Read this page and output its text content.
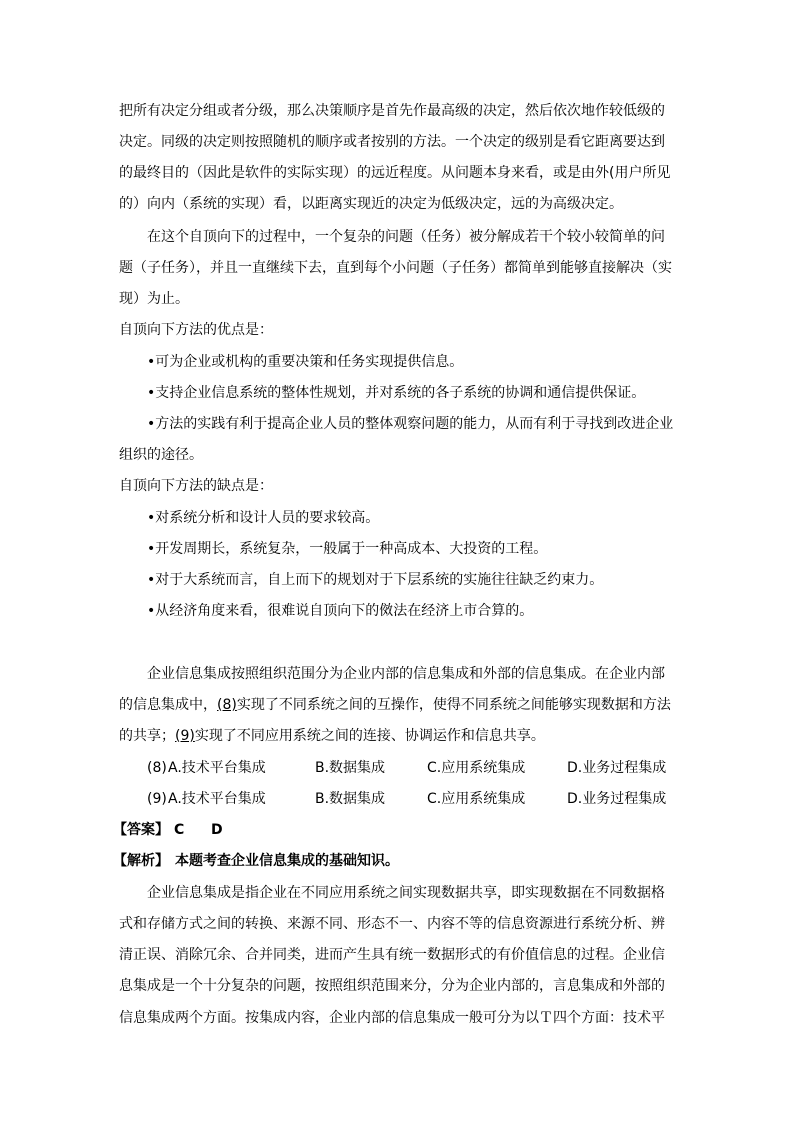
把所有决定分组或者分级，那么决策顺序是首先作最高级的决定，然后依次地作较低级的
决定。同级的决定则按照随机的顺序或者按别的方法。一个决定的级别是看它距离要达到
的最终目的（因此是软件的实际实现）的远近程度。从问题本身来看，或是由外(用户所见
的）向内（系统的实现）看，以距离实现近的决定为低级决定，远的为高级决定。
在这个自顶向下的过程中，一个复杂的问题（任务）被分解成若干个较小较简单的问
题（子任务），并且一直继续下去，直到每个小问题（子任务）都简单到能够直接解决（实
现）为止。
自顶向下方法的优点是：
•可为企业或机构的重要决策和任务实现提供信息。
•支持企业信息系统的整体性规划，并对系统的各子系统的协调和通信提供保证。
•方法的实践有利于提高企业人员的整体观察问题的能力，从而有利于寻找到改进企业
组织的途径。
自顶向下方法的缺点是：
•对系统分析和设计人员的要求较高。
•开发周期长，系统复杂，一般属于一种高成本、大投资的工程。
•对于大系统而言，自上而下的规划对于下层系统的实施往往缺乏约束力。
•从经济角度来看，很难说自顶向下的傚法在经济上市合算的。
企业信息集成按照组织范围分为企业内部的信息集成和外部的信息集成。在企业内部
的信息集成中，(8)实现了不同系统之间的互操作，使得不同系统之间能够实现数据和方法
的共享；(9)实现了不同应用系统之间的连接、协调运作和信息共享。
(8) A.技术平台集成	B.数据集成	C.应用系统集成	D.业务过程集成
(9) A.技术平台集成	B.数据集成	C.应用系统集成	D.业务过程集成
【答案】 C D
【解析】 本题考查企业信息集成的基础知识。
企业信息集成是指企业在不同应用系统之间实现数据共享，即实现数据在不同数据格
式和存储方式之间的转换、来源不同、形态不一、内容不等的信息资源进行系统分析、辨
清正误、消除冗余、合并同类，进而产生具有统一数据形式的有价值信息的过程。企业信
息集成是一个十分复杂的问题，按照组织范围来分，分为企业内部的，言息集成和外部的
信息集成两个方面。按集成内容，企业内部的信息集成一般可分为以Ｔ四个方面：技术平
